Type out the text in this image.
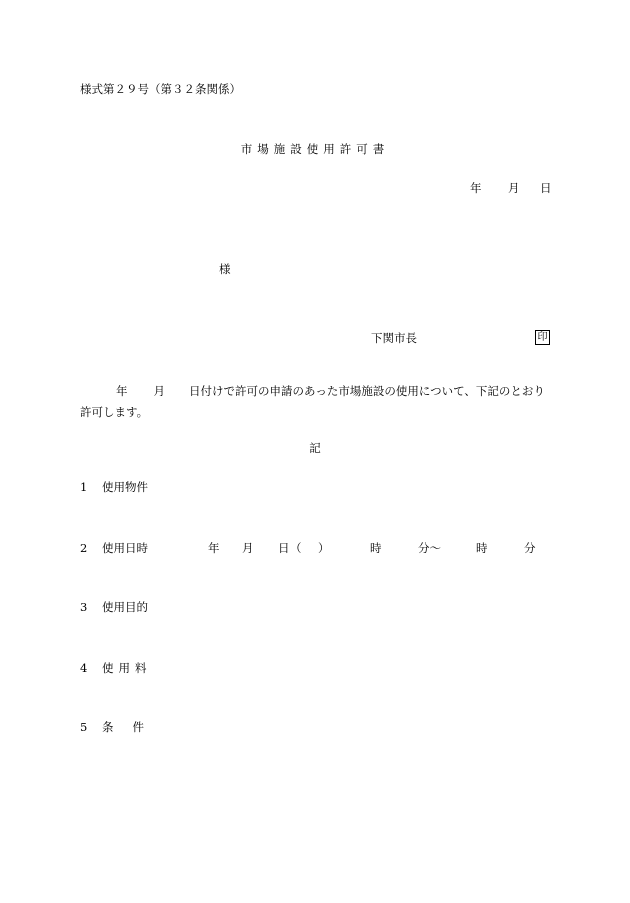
様式第２９号（第３２条関係）
市場施設使用許可書
年 月 日
様
下関市長	印
年 月 日付けで許可の申請のあった市場施設の使用について、下記のとおり
許可します。
記
1 使用物件
2 使用日時	年 月 日 （ ）	時	分～	時	分
3 使用目的
4 使用料
5 条件
